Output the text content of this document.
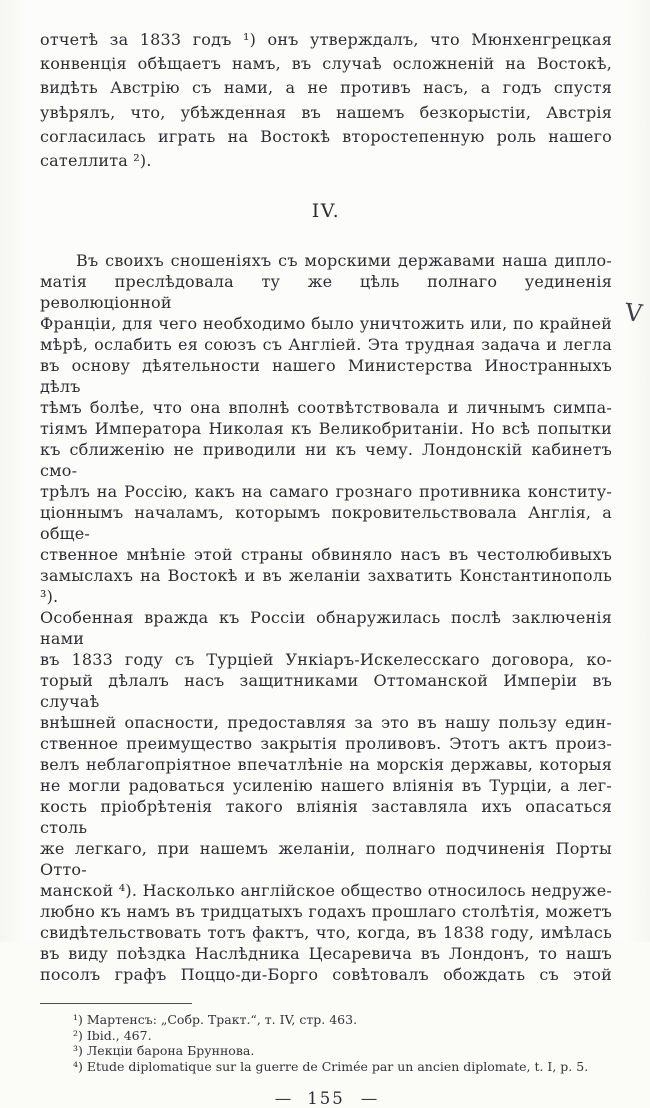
отчетѣ за 1833 годъ ¹) онъ утверждалъ, что Мюнхенгрецкая
конвенція обѣщаетъ намъ, въ случаѣ осложненій на Востокѣ,
видѣть Австрію съ нами, а не противъ насъ, а годъ спустя
увѣрялъ, что, убѣжденная въ нашемъ безкорыстіи, Австрія
согласилась играть на Востокѣ второстепенную роль нашего
сателлита ²).
IV.
Въ своихъ сношеніяхъ съ морскими державами наша дипло-
матія преслѣдовала ту же цѣль полнаго уединенія революціонной
Франціи, для чего необходимо было уничтожить или, по крайней
мѣрѣ, ослабить ея союзъ съ Англіей. Эта трудная задача и легла
въ основу дѣятельности нашего Министерства Иностранныхъ дѣлъ
тѣмъ болѣе, что она вполнѣ соотвѣтствовала и личнымъ симпа-
тіямъ Императора Николая къ Великобританіи. Но всѣ попытки
къ сближенію не приводили ни къ чему. Лондонскій кабинетъ смо-
трѣлъ на Россію, какъ на самаго грознаго противника конститу-
ціоннымъ началамъ, которымъ покровительствовала Англія, а обще-
ственное мнѣніе этой страны обвиняло насъ въ честолюбивыхъ
замыслахъ на Востокѣ и въ желаніи захватить Константинополь ³).
Особенная вражда къ Россіи обнаружилась послѣ заключенія нами
въ 1833 году съ Турціей Ункіаръ-Искелесскаго договора, ко-
торый дѣлалъ насъ защитниками Оттоманской Имперіи въ случаѣ
внѣшней опасности, предоставляя за это въ нашу пользу един-
ственное преимущество закрытія проливовъ. Этотъ актъ произ-
велъ неблагопріятное впечатлѣніе на морскія державы, которыя
не могли радоваться усиленію нашего вліянія въ Турціи, а лег-
кость пріобрѣтенія такого вліянія заставляла ихъ опасаться столь
же легкаго, при нашемъ желаніи, полнаго подчиненія Порты Отто-
манской ⁴). Насколько англійское общество относилось недруже-
любно къ намъ въ тридцатыхъ годахъ прошлаго столѣтія, можетъ
свидѣтельствовать тотъ фактъ, что, когда, въ 1838 году, имѣлась
въ виду поѣздка Наслѣдника Цесаревича въ Лондонъ, то нашъ
посолъ графъ Поццо-ди-Борго совѣтовалъ обождать съ этой
¹) Мартенсъ: „Собр. Тракт.“, т. IV, стр. 463.
²) Ibid., 467.
³) Лекціи барона Бруннова.
⁴) Etude diplomatique sur la guerre de Crimée par un ancien diplomate, t. I, p. 5.
— 155 —
V
